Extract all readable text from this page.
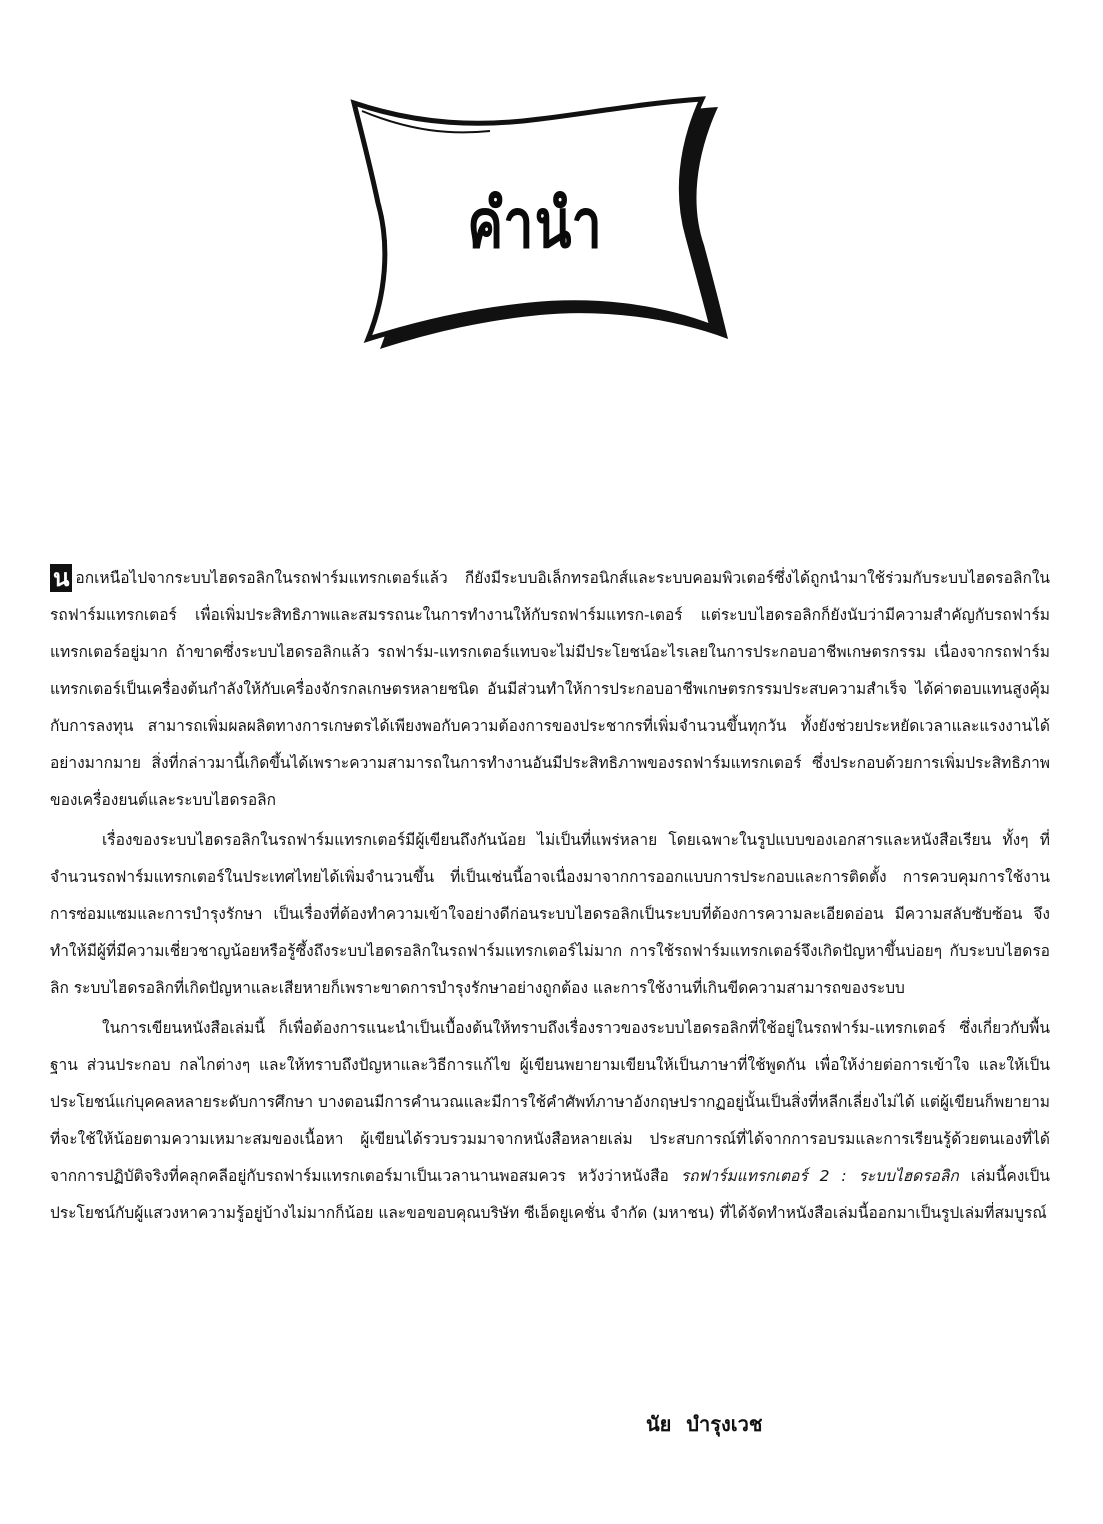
คำนำ

น อกเหนือไปจากระบบไฮดรอลิกในรถฟาร์มแทรกเตอร์แล้ว กียังมีระบบอิเล็กทรอนิกส์และระบบคอมพิวเตอร์ซึ่งได้ถูกนำมาใช้ร่วมกับระบบไฮดรอลิกในรถฟาร์มแทรกเตอร์ เพื่อเพิ่มประสิทธิภาพและสมรรถนะในการทำงานให้กับรถฟาร์มแทรก-เตอร์ แต่ระบบไฮดรอลิกก็ยังนับว่ามีความสำคัญกับรถฟาร์มแทรกเตอร์อยู่มาก ถ้าขาดซึ่งระบบไฮดรอลิกแล้ว รถฟาร์ม-แทรกเตอร์แทบจะไม่มีประโยชน์อะไรเลยในการประกอบอาชีพเกษตรกรรม เนื่องจากรถฟาร์มแทรกเตอร์เป็นเครื่องต้นกำลังให้กับเครื่องจักรกลเกษตรหลายชนิด อันมีส่วนทำให้การประกอบอาชีพเกษตรกรรมประสบความสำเร็จ ได้ค่าตอบแทนสูงคุ้มกับการลงทุน สามารถเพิ่มผลผลิตทางการเกษตรได้เพียงพอกับความต้องการของประชากรที่เพิ่มจำนวนขึ้นทุกวัน ทั้งยังช่วยประหยัดเวลาและแรงงานได้อย่างมากมาย สิ่งที่กล่าวมานี้เกิดขึ้นได้เพราะความสามารถในการทำงานอันมีประสิทธิภาพของรถฟาร์มแทรกเตอร์ ซึ่งประกอบด้วยการเพิ่มประสิทธิภาพของเครื่องยนต์และระบบไฮดรอลิก

เรื่องของระบบไฮดรอลิกในรถฟาร์มแทรกเตอร์มีผู้เขียนถึงกันน้อย ไม่เป็นที่แพร่หลาย โดยเฉพาะในรูปแบบของเอกสารและหนังสือเรียน ทั้งๆ ที่จำนวนรถฟาร์มแทรกเตอร์ในประเทศไทยได้เพิ่มจำนวนขึ้น ที่เป็นเช่นนี้อาจเนื่องมาจากการออกแบบการประกอบและการติดตั้ง การควบคุมการใช้งาน การซ่อมแซมและการบำรุงรักษา เป็นเรื่องที่ต้องทำความเข้าใจอย่างดีก่อนระบบไฮดรอลิกเป็นระบบที่ต้องการความละเอียดอ่อน มีความสลับซับซ้อน จึงทำให้มีผู้ที่มีความเชี่ยวชาญน้อยหรือรู้ซึ้งถึงระบบไฮดรอลิกในรถฟาร์มแทรกเตอร์ไม่มาก การใช้รถฟาร์มแทรกเตอร์จึงเกิดปัญหาขึ้นบ่อยๆ กับระบบไฮดรอลิก ระบบไฮดรอลิกที่เกิดปัญหาและเสียหายก็เพราะขาดการบำรุงรักษาอย่างถูกต้อง และการใช้งานที่เกินขีดความสามารถของระบบ

ในการเขียนหนังสือเล่มนี้ ก็เพื่อต้องการแนะนำเป็นเบื้องต้นให้ทราบถึงเรื่องราวของระบบไฮดรอลิกที่ใช้อยู่ในรถฟาร์ม-แทรกเตอร์ ซึ่งเกี่ยวกับพื้นฐาน ส่วนประกอบ กลไกต่างๆ และให้ทราบถึงปัญหาและวิธีการแก้ไข ผู้เขียนพยายามเขียนให้เป็นภาษาที่ใช้พูดกัน เพื่อให้ง่ายต่อการเข้าใจ และให้เป็นประโยชน์แก่บุคคลหลายระดับการศึกษา บางตอนมีการคำนวณและมีการใช้คำศัพท์ภาษาอังกฤษปรากฏอยู่นั้นเป็นสิ่งที่หลีกเลี่ยงไม่ได้ แต่ผู้เขียนก็พยายามที่จะใช้ให้น้อยตามความเหมาะสมของเนื้อหา ผู้เขียนได้รวบรวมมาจากหนังสือหลายเล่ม ประสบการณ์ที่ได้จากการอบรมและการเรียนรู้ด้วยตนเองที่ได้จากการปฏิบัติจริงที่คลุกคลีอยู่กับรถฟาร์มแทรกเตอร์มาเป็นเวลานานพอสมควร หวังว่าหนังสือ รถฟาร์มแทรกเตอร์ 2 : ระบบไฮดรอลิก เล่มนี้คงเป็นประโยชน์กับผู้แสวงหาความรู้อยู่บ้างไม่มากก็น้อย และขอขอบคุณบริษัท ซีเอ็ดยูเคชั่น จำกัด (มหาชน) ที่ได้จัดทำหนังสือเล่มนี้ออกมาเป็นรูปเล่มที่สมบูรณ์

นัย บำรุงเวช
